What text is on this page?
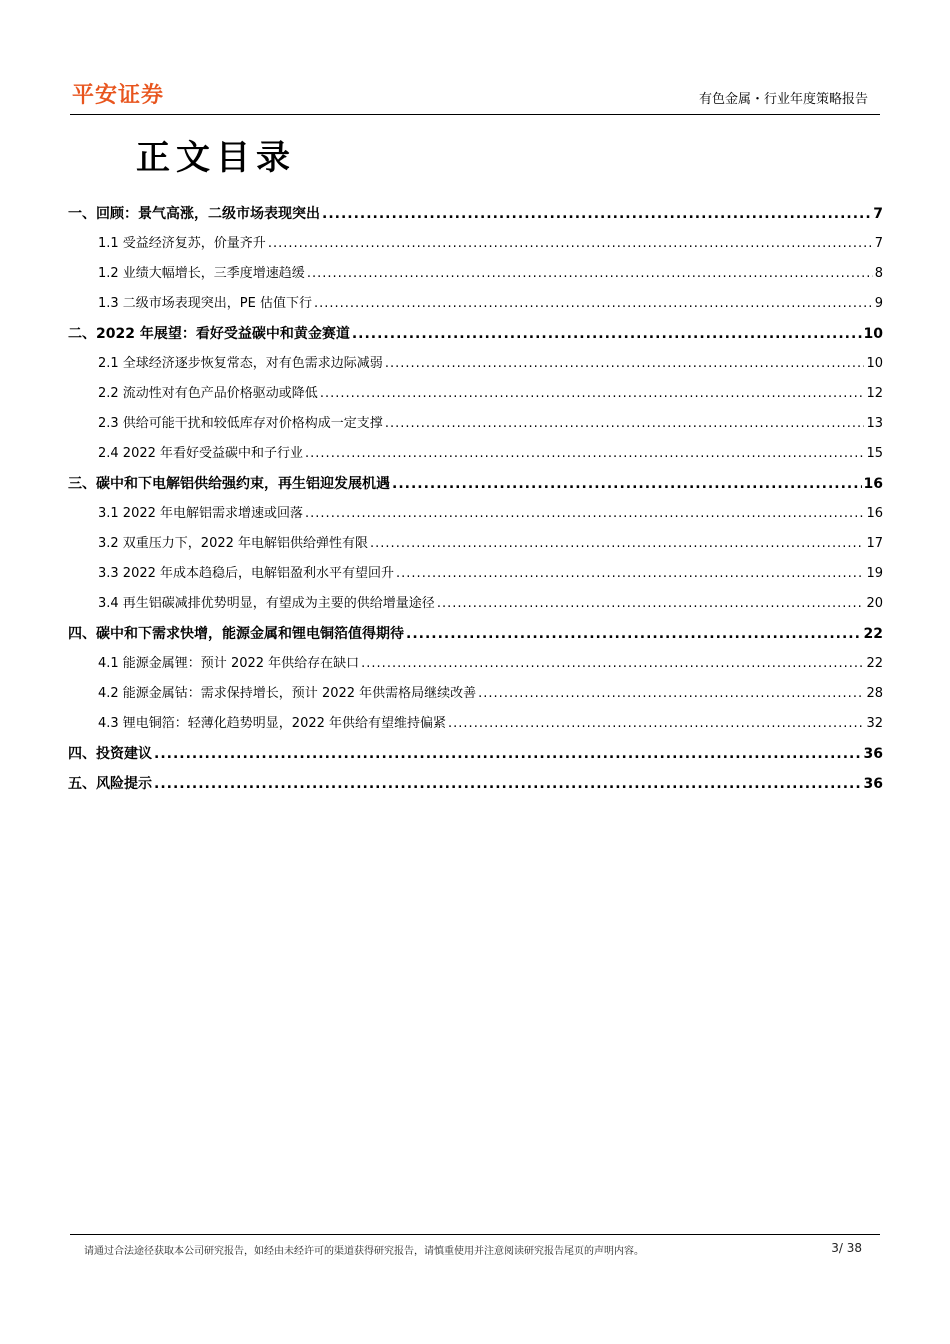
平安证券	有色金属・行业年度策略报告
正文目录
一、回顾：景气高涨，二级市场表现突出 .....	7
1.1 受益经济复苏，价量齐升 .....	7
1.2 业绩大幅增长，三季度增速趋缓 .....	8
1.3 二级市场表现突出，PE 估值下行 .....	9
二、2022 年展望：看好受益碳中和黄金赛道 .....	10
2.1 全球经济逐步恢复常态，对有色需求边际减弱 .....	10
2.2 流动性对有色产品价格驱动或降低 .....	12
2.3 供给可能干扰和较低库存对价格构成一定支撑 .....	13
2.4 2022 年看好受益碳中和子行业 .....	15
三、碳中和下电解铝供给强约束，再生铝迎发展机遇 .....	16
3.1 2022 年电解铝需求增速或回落 .....	16
3.2 双重压力下，2022 年电解铝供给弹性有限 .....	17
3.3 2022 年成本趋稳后，电解铝盈利水平有望回升 .....	19
3.4 再生铝碳减排优势明显，有望成为主要的供给增量途径 .....	20
四、碳中和下需求快增，能源金属和锂电铜箔值得期待 .....	22
4.1 能源金属锂：预计 2022 年供给存在缺口 .....	22
4.2 能源金属钴：需求保持增长，预计 2022 年供需格局继续改善 .....	28
4.3 锂电铜箔：轻薄化趋势明显，2022 年供给有望维持偏紧 .....	32
四、投资建议 .....	36
五、风险提示 .....	36
请通过合法途径获取本公司研究报告，如经由未经许可的渠道获得研究报告，请慎重使用并注意阅读研究报告尾页的声明内容。	3/ 38
